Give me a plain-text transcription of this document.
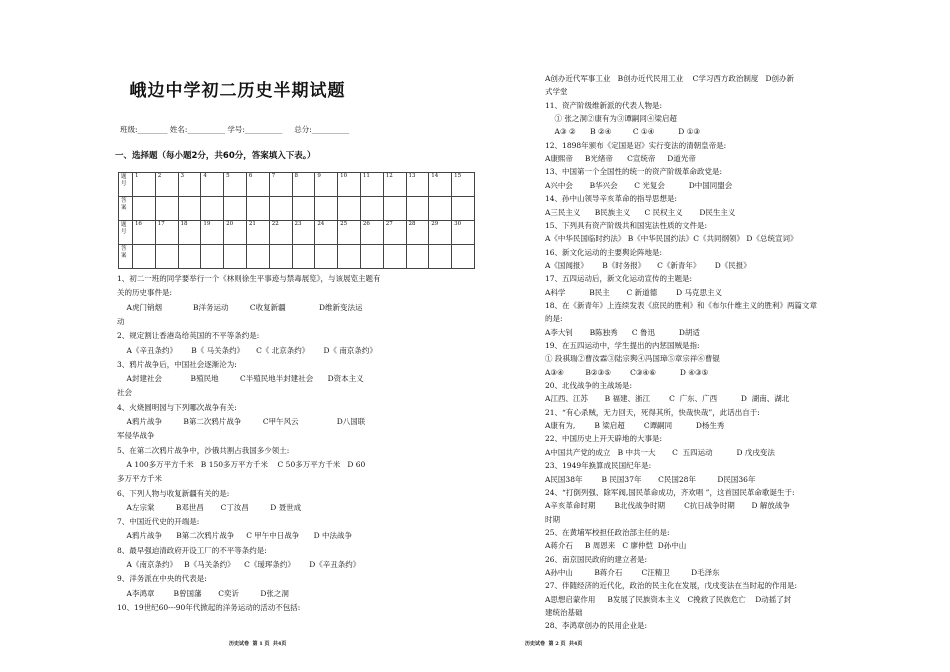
峨边中学初二历史半期试题
班级:________ 姓名:__________ 学号:__________     总分:__________
一、选择题（每小题2分，共60分，答案填入下表。）
题号	1	2	3	4	5	6	7	8	9	10	11	12	13	14	15
答案															
题号	16	17	18	19	20	21	22	23	24	25	26	27	28	29	30
答案															
1、初二一班的同学要举行一个《林则徐生平事迹与禁毒展览》，与该展览主题有
关的历史事件是:
A虎门销烟             B洋务运动         C收复新疆              D维新变法运
动
2、规定割让香港岛给英国的不平等条约是:
A《辛丑条约》      B《 马关条约》     C《 北京条约》      D《 南京条约》
3、鸦片战争后，中国社会逐渐沦为:
A封建社会            B殖民地         C半殖民地半封建社会      D资本主义
社会
4、火烧圆明园与下列哪次战争有关:
A鸦片战争         B第二次鸦片战争         C甲午风云                D八国联
军侵华战争
5、在第二次鸦片战争中，沙俄共割占我国多少领土:
A 100多万平方千米   B 150多万平方千米    C 50多万平方千米   D 60
多万平方千米
6、下列人物与收复新疆有关的是:
A左宗棠         B邓世昌       C丁汝昌         D 聂世成
7、中国近代史的开端是:
A鸦片战争      B第二次鸦片战争     C 甲午中日战争      D 中法战争
8、最早强迫清政府开设工厂的不平等条约是:
A《南京条约》   B《马关条约》    C《瑷珲条约》      D《辛丑条约》
9、洋务派在中央的代表是:
A李鸿章        B曾国藩       C奕䜣         D张之洞
10、19世纪60---90年代掀起的洋务运动的活动不包括:
历史试卷  第 1 页  共4页
A创办近代军事工业   B创办近代民用工业    C学习西方政治制度   D创办新
式学堂
11、资产阶级维新派的代表人物是:
① 张之洞②康有为③谭嗣同④梁启超
A③ ②      B ②④         C ①④          D ①③
12、1898年颁布《定国是诏》实行变法的清朝皇帝是:
A康熙帝     B光绪帝      C宣统帝     D道光帝
13、中国第一个全国性的统一的资产阶级革命政党是:
A兴中会       B华兴会       C 光复会          D中国同盟会
14、孙中山领导辛亥革命的指导思想是:
A三民主义      B民族主义      C 民权主义       D民生主义
15、下列具有资产阶级共和国宪法性质的文件是:
A《中华民国临时约法》 B《中华民国约法》C《共同纲领》 D《总统宣词》
16、新文化运动的主要舆论阵地是:
A《国闻报》      B《时务报》     C《新青年》      D《民报》
17、五四运动后，新文化运动宣传的主题是:
A科学          B民主       C 新道德        D 马克思主义
18、在《新青年》上连续发表《庶民的胜利》和《布尔什维主义的胜利》两篇文章
的是:
A李大钊       B陈独秀      C 鲁迅          D胡适
19、在五四运动中，学生提出的内惩国贼是指:
① 段祺瑞②曹汝霖③陆宗舆④冯国璋⑤章宗祥⑥曹锟
A③④         B②③⑤        C③④⑥          D ④③⑤
20、北伐战争的主战场是:
A江西、江苏       B 福建、浙江        C  广东、广西          D  湖南、湖北
21、“有心杀贼，无力回天，死得其所，快哉快哉”，此话出自于:
A康有为,        B 梁启超        C谭嗣同          D杨生秀
22、中国历史上开天辟地的大事是:
A中国共产党的成立   B 中共一大       C  五四运动          D 戊戌变法
23、1949年换算成民国纪年是:
A民国38年        B 民国37年       C民国28年         D民国36年
24、“打倒列强、除军阀,国民革命成功，齐欢唱 ”，这首国民革命歌诞生于:
A辛亥革命时期        B北伐战争时期        C抗日战争时期       D 解放战争
时期
25、在黄埔军校担任政治部主任的是:
A蒋介石     B 周恩来   C 廖仲恺  D孙中山
26、南京国民政府的建立者是:
A孙中山         B蒋介石        C汪精卫         D毛泽东
27、伴随经济的近代化，政治的民主化在发展，戊戌变法在当时起的作用是:
A思想启蒙作用     B发展了民族资本主义   C挽救了民族危亡    D动摇了封
建统治基础
28、李鸿章创办的民用企业是:
历史试卷  第 2 页  共4页
